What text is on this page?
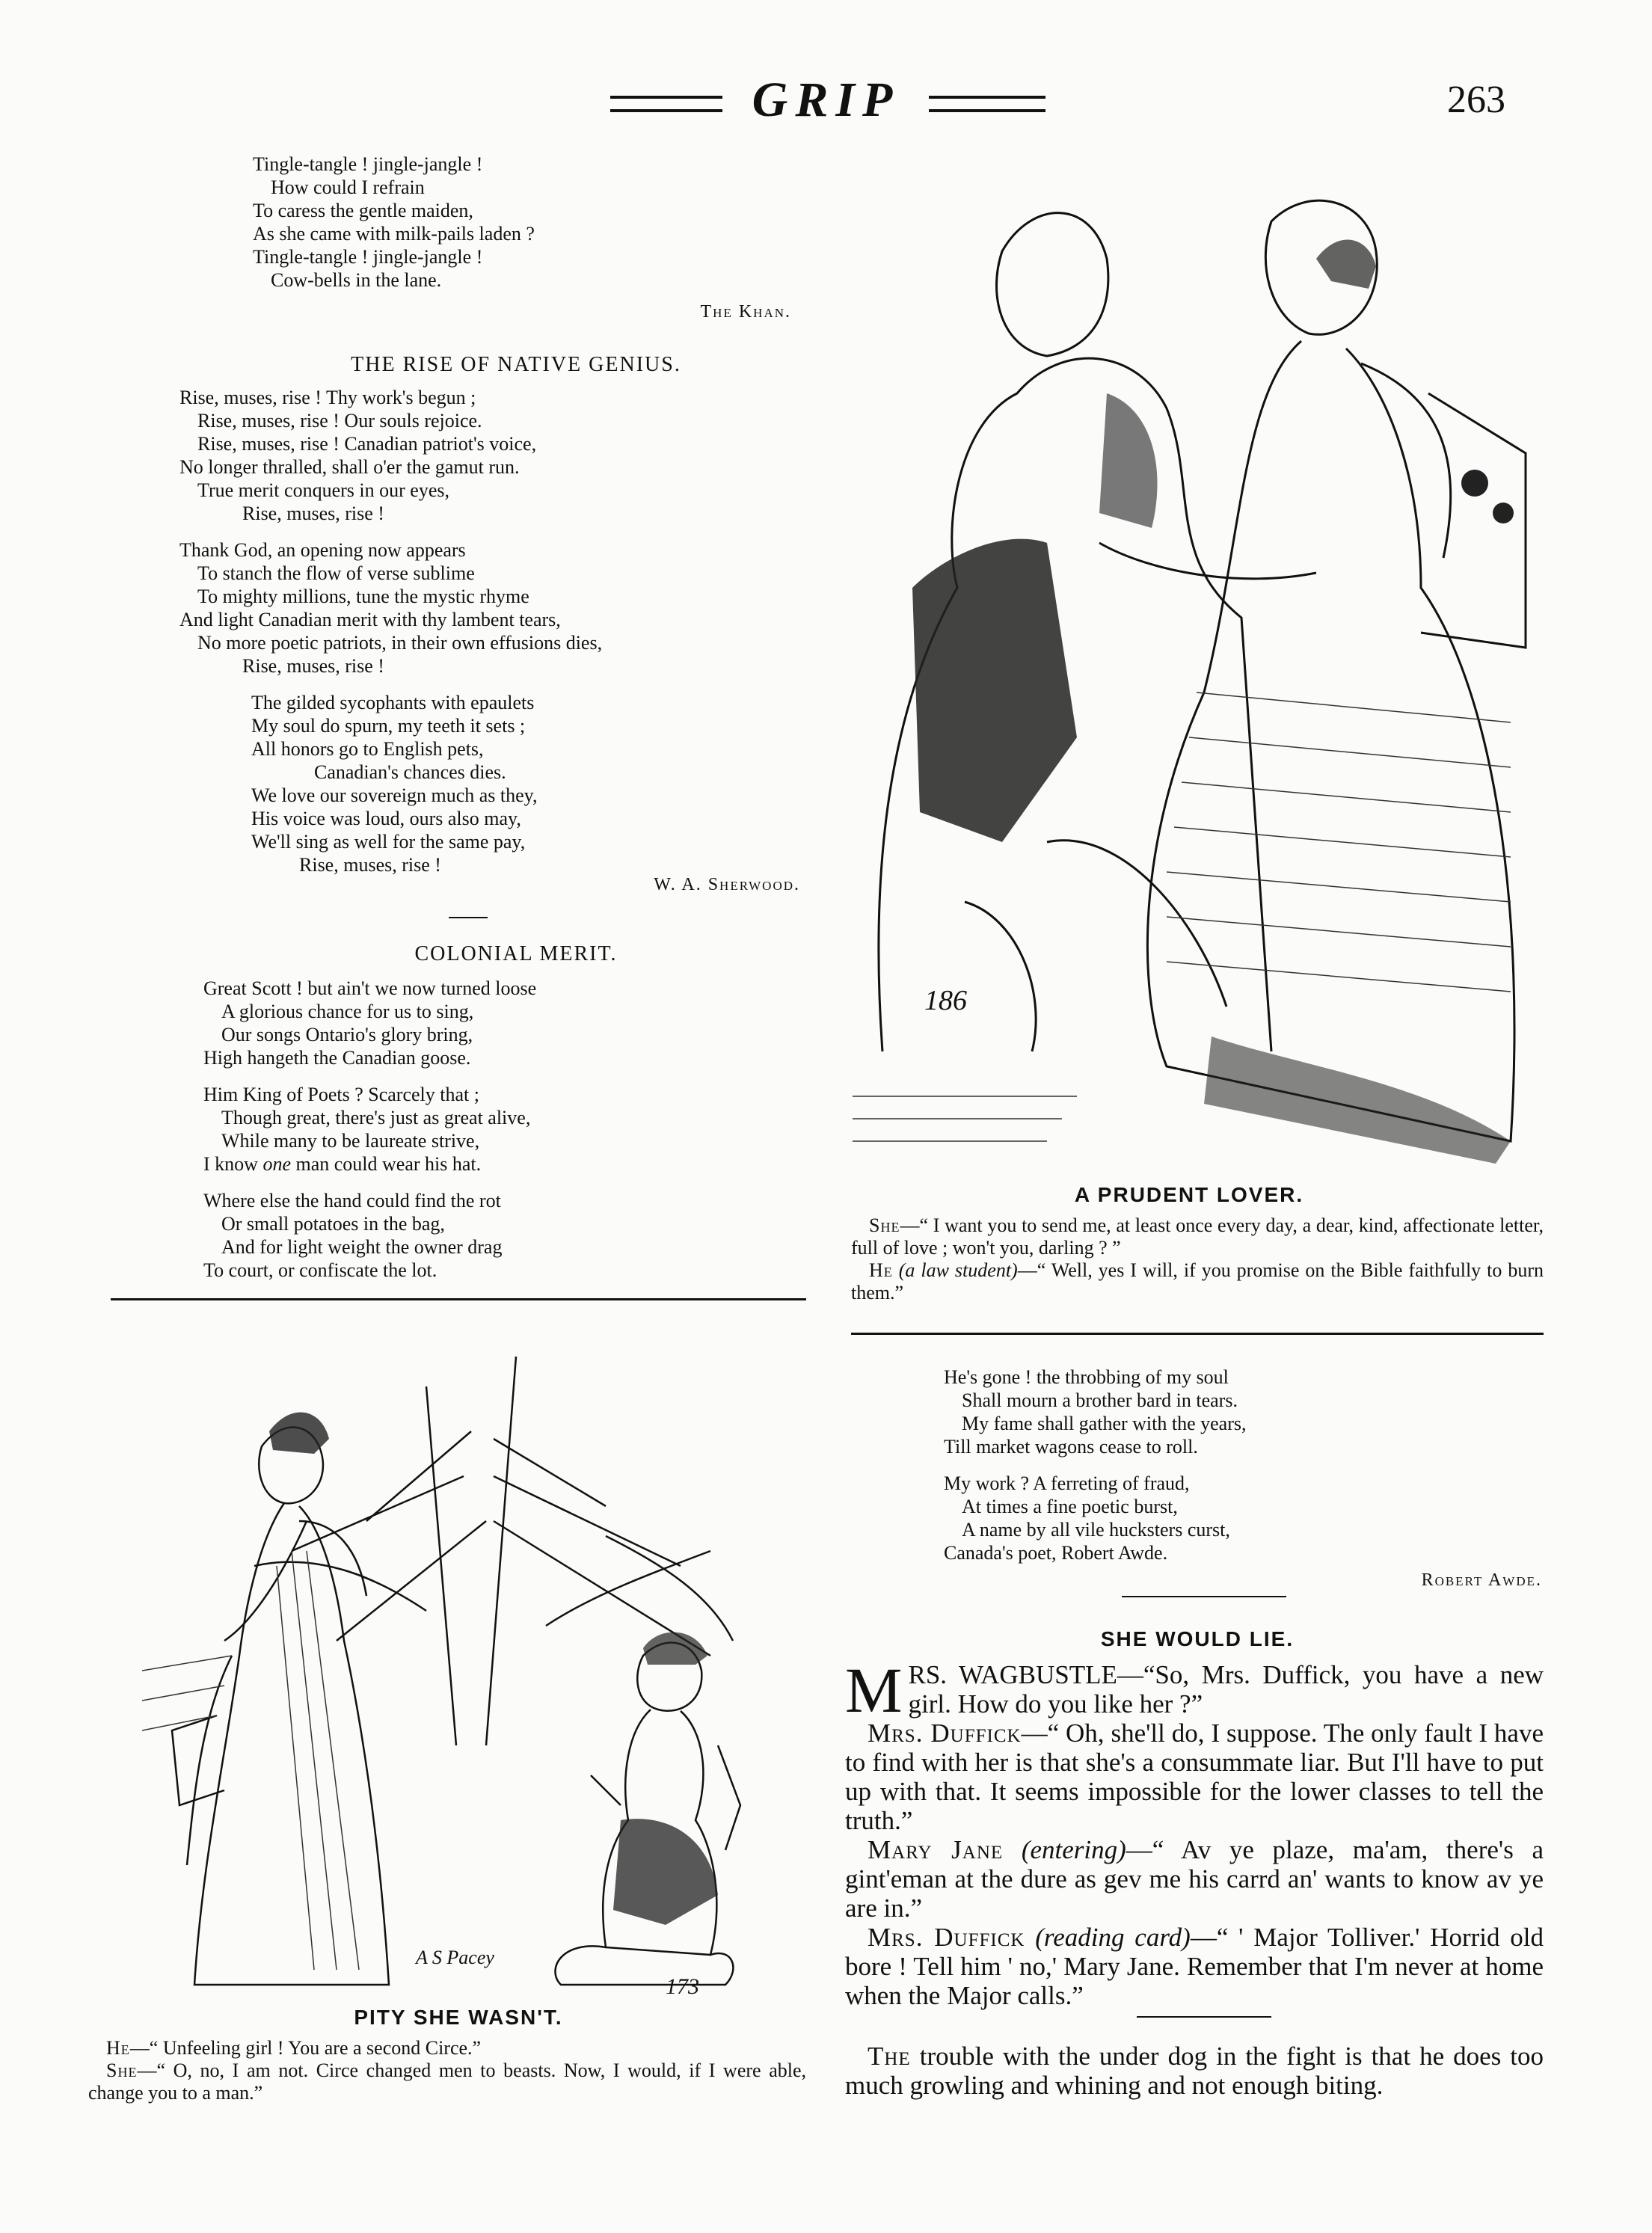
GRIP	263
Tingle-tangle ! jingle-jangle !
How could I refrain
To caress the gentle maiden,
As she came with milk-pails laden ?
Tingle-tangle ! jingle-jangle !
Cow-bells in the lane.
The Khan.
THE RISE OF NATIVE GENIUS.
Rise, muses, rise ! Thy work's begun ;
Rise, muses, rise ! Our souls rejoice.
Rise, muses, rise ! Canadian patriot's voice,
No longer thralled, shall o'er the gamut run.
True merit conquers in our eyes,
Rise, muses, rise !
Thank God, an opening now appears
To stanch the flow of verse sublime
To mighty millions, tune the mystic rhyme
And light Canadian merit with thy lambent tears,
No more poetic patriots, in their own effusions dies,
Rise, muses, rise !
The gilded sycophants with epaulets
My soul do spurn, my teeth it sets ;
All honors go to English pets,
Canadian's chances dies.
We love our sovereign much as they,
His voice was loud, ours also may,
We'll sing as well for the same pay,
Rise, muses, rise !
W. A. Sherwood.
COLONIAL MERIT.
Great Scott ! but ain't we now turned loose
A glorious chance for us to sing,
Our songs Ontario's glory bring,
High hangeth the Canadian goose.
Him King of Poets ? Scarcely that ;
Though great, there's just as great alive,
While many to be laureate strive,
I know one man could wear his hat.
Where else the hand could find the rot
Or small potatoes in the bag,
And for light weight the owner drag
To court, or confiscate the lot.
186
A PRUDENT LOVER.

She—“ I want you to send me, at least once every day, a dear, kind, affectionate letter, full of love ; won't you, darling ? ”

He (a law student)—“ Well, yes I will, if you promise on the Bible faithfully to burn them.”

He's gone ! the throbbing of my soul
Shall mourn a brother bard in tears.
My fame shall gather with the years,
Till market wagons cease to roll.
My work ? A ferreting of fraud,
At times a fine poetic burst,
A name by all vile hucksters curst,
Canada's poet, Robert Awde.
Robert Awde.
SHE WOULD LIE.

MRS. WAGBUSTLE—“So, Mrs. Duffick, you have a new girl. How do you like her ?”

Mrs. Duffick—“ Oh, she'll do, I suppose. The only fault I have to find with her is that she's a consummate liar. But I'll have to put up with that. It seems impossible for the lower classes to tell the truth.”

Mary Jane (entering)—“ Av ye plaze, ma'am, there's a gint'eman at the dure as gev me his carrd an' wants to know av ye are in.”

Mrs. Duffick (reading card)—“ ' Major Tolliver.' Horrid old bore ! Tell him ' no,' Mary Jane. Remember that I'm never at home when the Major calls.”

The trouble with the under dog in the fight is that he does too much growling and whining and not enough biting.

A S Pacey
173
PITY SHE WASN'T.

He—“ Unfeeling girl ! You are a second Circe.”

She—“ O, no, I am not. Circe changed men to beasts. Now, I would, if I were able, change you to a man.”
